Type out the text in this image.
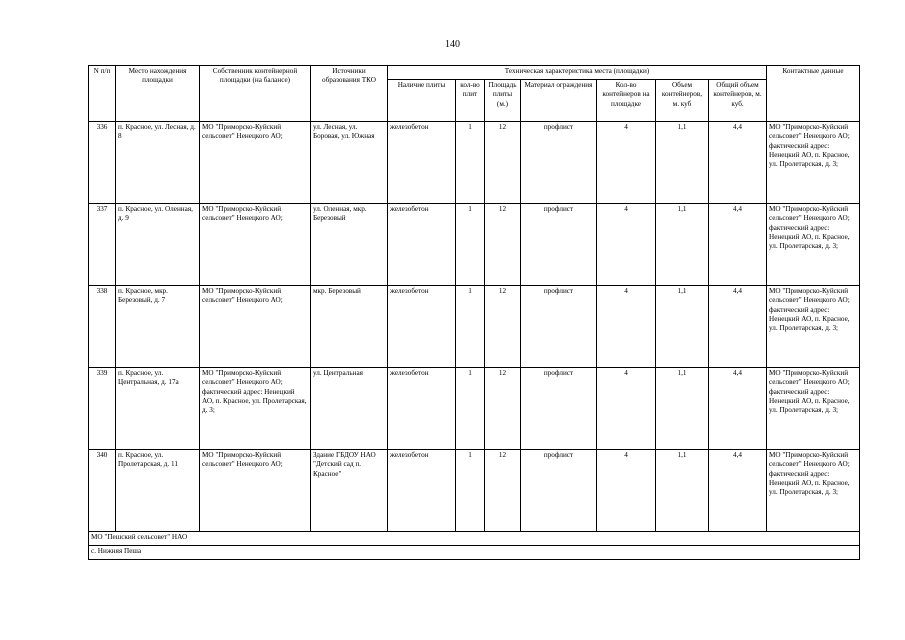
140
N п/п	Место нахождения площадки	Собственник контейнерной площадки (на балансе)	Источники образования ТКО	Техническая характеристика места (площадки)							Контактные данные
				Наличие плиты	кол-во плит	Площадь плиты (м.)	Материал ограждения	Кол-во контейнеров на площадке	Объем контейнеров, м. куб	Общий объем контейнеров, м. куб.	
336	п. Красное, ул. Лесная, д. 8	МО "Приморско-Куйский сельсовет" Ненецкого АО;	ул. Лесная, ул. Боровая, ул. Южная	железобетон	1	12	профлист	4	1,1	4,4	МО "Приморско-Куйский сельсовет" Ненецкого АО; фактический адрес: Ненецкий АО, п. Красное, ул. Пролетарская, д. 3;
337	п. Красное, ул. Оленная, д. 9	МО "Приморско-Куйский сельсовет" Ненецкого АО;	ул. Оленная, мкр. Березовый	железобетон	1	12	профлист	4	1,1	4,4	МО "Приморско-Куйский сельсовет" Ненецкого АО; фактический адрес: Ненецкий АО, п. Красное, ул. Пролетарская, д. 3;
338	п. Красное, мкр. Березовый, д. 7	МО "Приморско-Куйский сельсовет" Ненецкого АО;	мкр. Березовый	железобетон	1	12	профлист	4	1,1	4,4	МО "Приморско-Куйский сельсовет" Ненецкого АО; фактический адрес: Ненецкий АО, п. Красное, ул. Пролетарская, д. 3;
339	п. Красное, ул. Центральная, д. 17а	МО "Приморско-Куйский сельсовет" Ненецкого АО; фактический адрес: Ненецкий АО, п. Красное, ул. Пролетарская, д. 3;	ул. Центральная	железобетон	1	12	профлист	4	1,1	4,4	МО "Приморско-Куйский сельсовет" Ненецкого АО; фактический адрес: Ненецкий АО, п. Красное, ул. Пролетарская, д. 3;
340	п. Красное, ул. Пролетарская, д. 11	МО "Приморско-Куйский сельсовет" Ненецкого АО;	Здание ГБДОУ НАО "Детский сад п. Красное"	железобетон	1	12	профлист	4	1,1	4,4	МО "Приморско-Куйский сельсовет" Ненецкого АО; фактический адрес: Ненецкий АО, п. Красное, ул. Пролетарская, д. 3;
МО "Пешский сельсовет" НАО											
с. Нижняя Пеша											
